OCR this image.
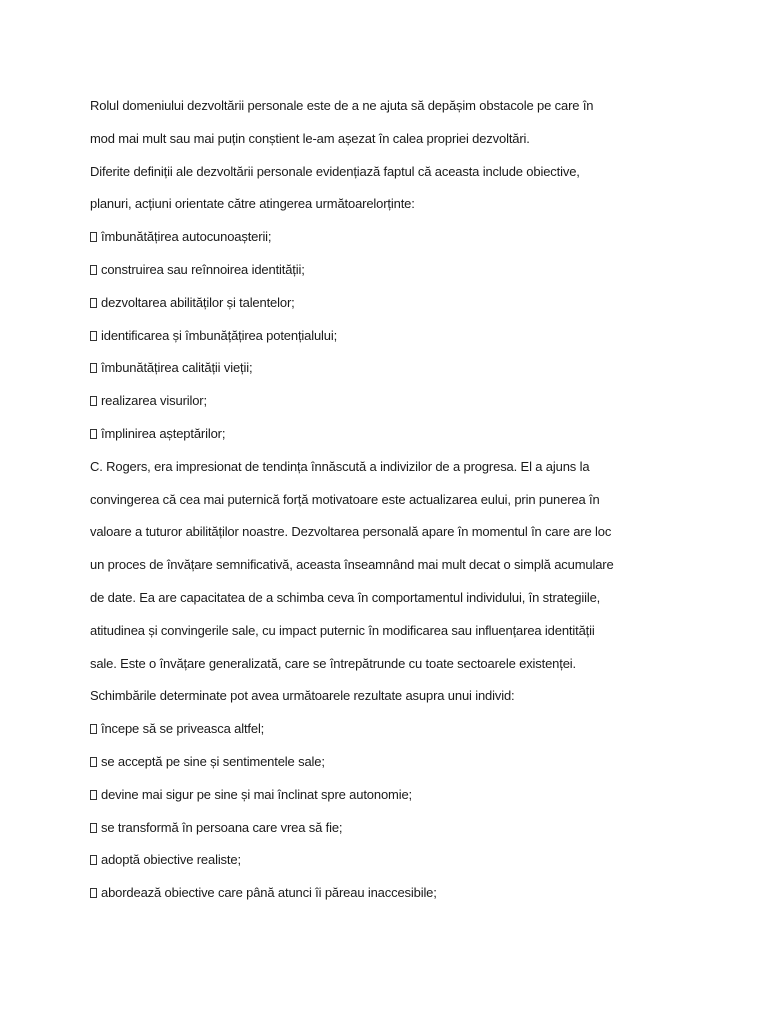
Rolul domeniului dezvoltării personale este de a ne ajuta să depășim obstacole pe care în
mod mai mult sau mai puțin conștient le-am așezat în calea propriei dezvoltări.
Diferite definiții ale dezvoltării personale evidențiază faptul că aceasta include obiective,
planuri, acțiuni orientate către atingerea următoarelorținte:
îmbunătățirea autocunoașterii;
construirea sau reînnoirea identității;
dezvoltarea abilităților și talentelor;
identificarea și îmbunățățirea potențialului;
îmbunătățirea calității vieții;
realizarea visurilor;
împlinirea așteptărilor;
C. Rogers, era impresionat de tendința înnăscută a indivizilor de a progresa. El a ajuns la
convingerea că cea mai puternică forță motivatoare este actualizarea eului, prin punerea în
valoare a tuturor abilităților noastre. Dezvoltarea personală apare în momentul în care are loc
un proces de învățare semnificativă, aceasta înseamnând mai mult decat o simplă acumulare
de date. Ea are capacitatea de a schimba ceva în comportamentul individului, în strategiile,
atitudinea și convingerile sale, cu impact puternic în modificarea sau influențarea identității
sale. Este o învățare generalizată, care se întrepătrunde cu toate sectoarele existenței.
Schimbările determinate pot avea următoarele rezultate asupra unui individ:
începe să se priveasca altfel;
se acceptă pe sine și sentimentele sale;
devine mai sigur pe sine și mai înclinat spre autonomie;
se transformă în persoana care vrea să fie;
adoptă obiective realiste;
abordează obiective care până atunci îi păreau inaccesibile;
